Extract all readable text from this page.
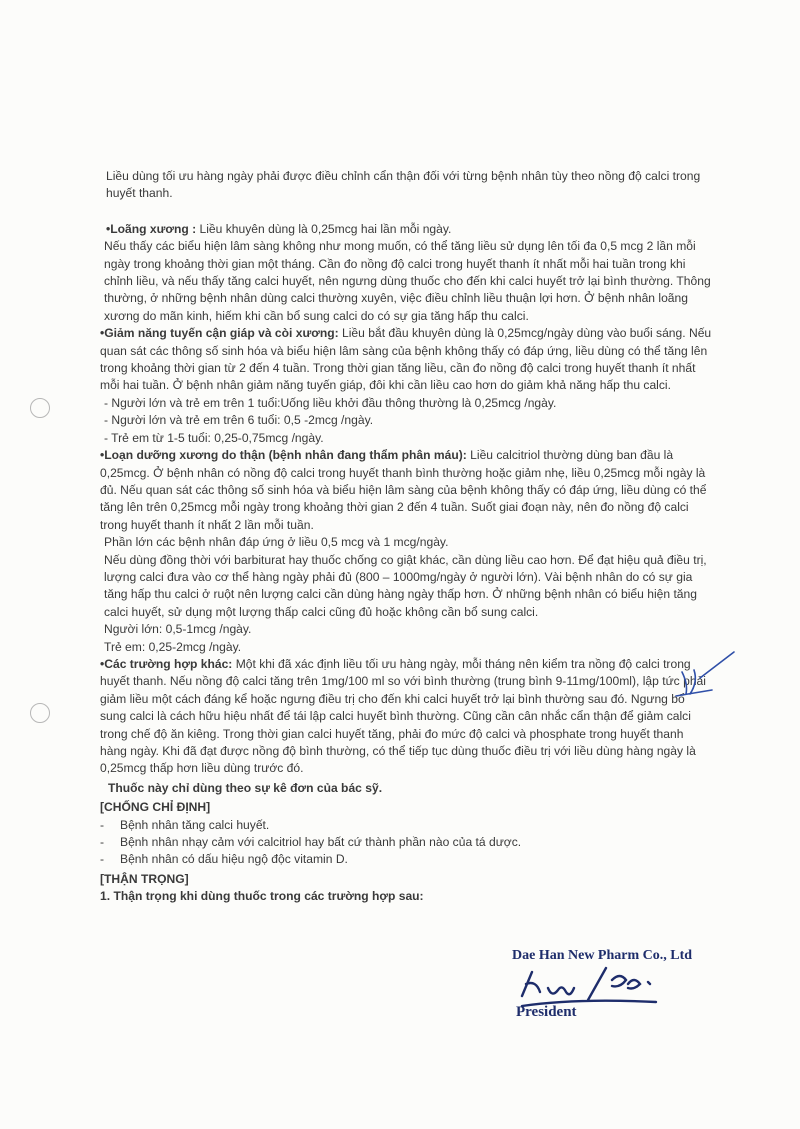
Liều dùng tối ưu hàng ngày phải được điều chỉnh cẩn thận đối với từng bệnh nhân tùy theo nồng độ calci trong huyết thanh.

• Loãng xương : Liều khuyên dùng là 0,25mcg hai lần mỗi ngày.

Nếu thấy các biểu hiện lâm sàng không như mong muốn, có thể tăng liều sử dụng lên tối đa 0,5 mcg 2 lần mỗi ngày trong khoảng thời gian một tháng. Cần đo nồng độ calci trong huyết thanh ít nhất mỗi hai tuần trong khi chỉnh liều, và nếu thấy tăng calci huyết, nên ngưng dùng thuốc cho đến khi calci huyết trở lại bình thường. Thông thường, ở những bệnh nhân dùng calci thường xuyên, việc điều chỉnh liều thuận lợi hơn. Ở bệnh nhân loãng xương do mãn kinh, hiếm khi cần bổ sung calci do có sự gia tăng hấp thu calci.

• Giảm năng tuyến cận giáp và còi xương: Liều bắt đầu khuyên dùng là 0,25mcg/ngày dùng vào buổi sáng. Nếu quan sát các thông số sinh hóa và biểu hiện lâm sàng của bệnh không thấy có đáp ứng, liều dùng có thể tăng lên trong khoảng thời gian từ 2 đến 4 tuần. Trong thời gian tăng liều, cần đo nồng độ calci trong huyết thanh ít nhất mỗi hai tuần. Ở bệnh nhân giảm năng tuyến giáp, đôi khi cần liều cao hơn do giảm khả năng hấp thu calci.

- Người lớn và trẻ em trên 1 tuổi:Uống liều khởi đầu thông thường là 0,25mcg /ngày.

- Người lớn và trẻ em trên 6 tuổi: 0,5 -2mcg /ngày.

- Trẻ em từ 1-5 tuổi: 0,25-0,75mcg /ngày.

• Loạn dưỡng xương do thận (bệnh nhân đang thẩm phân máu): Liều calcitriol thường dùng ban đầu là 0,25mcg. Ở bệnh nhân có nồng độ calci trong huyết thanh bình thường hoặc giảm nhẹ, liều 0,25mcg mỗi ngày là đủ. Nếu quan sát các thông số sinh hóa và biểu hiện lâm sàng của bệnh không thấy có đáp ứng, liều dùng có thể tăng lên trên 0,25mcg mỗi ngày trong khoảng thời gian 2 đến 4 tuần. Suốt giai đoạn này, nên đo nồng độ calci trong huyết thanh ít nhất 2 lần mỗi tuần.

Phần lớn các bệnh nhân đáp ứng ở liều 0,5 mcg và 1 mcg/ngày.

Nếu dùng đồng thời với barbiturat hay thuốc chống co giật khác, cần dùng liều cao hơn. Để đạt hiệu quả điều trị, lượng calci đưa vào cơ thể hàng ngày phải đủ (800 – 1000mg/ngày ở người lớn). Vài bệnh nhân do có sự gia tăng hấp thu calci ở ruột nên lượng calci cần dùng hàng ngày thấp hơn. Ở những bệnh nhân có biểu hiện tăng calci huyết, sử dụng một lượng thấp calci cũng đủ hoặc không cần bổ sung calci.

Người lớn: 0,5-1mcg /ngày.

Trẻ em: 0,25-2mcg /ngày.

• Các trường hợp khác: Một khi đã xác định liều tối ưu hàng ngày, mỗi tháng nên kiểm tra nồng độ calci trong huyết thanh. Nếu nồng độ calci tăng trên 1mg/100 ml so với bình thường (trung bình 9-11mg/100ml), lập tức phải giảm liều một cách đáng kể hoặc ngưng điều trị cho đến khi calci huyết trở lại bình thường sau đó. Ngưng bổ sung calci là cách hữu hiệu nhất để tái lập calci huyết bình thường. Cũng cần cân nhắc cẩn thận để giảm calci trong chế độ ăn kiêng. Trong thời gian calci huyết tăng, phải đo mức độ calci và phosphate trong huyết thanh hàng ngày. Khi đã đạt được nồng độ bình thường, có thể tiếp tục dùng thuốc điều trị với liều dùng hàng ngày là 0,25mcg thấp hơn liều dùng trước đó.

Thuốc này chỉ dùng theo sự kê đơn của bác sỹ.

[CHỐNG CHỈ ĐỊNH]

- Bệnh nhân tăng calci huyết.

- Bệnh nhân nhạy cảm với calcitriol hay bất cứ thành phần nào của tá dược.

- Bệnh nhân có dấu hiệu ngộ độc vitamin D.

[THẬN TRỌNG]

1. Thận trọng khi dùng thuốc trong các trường hợp sau:

Dae Han New Pharm Co., Ltd
President
